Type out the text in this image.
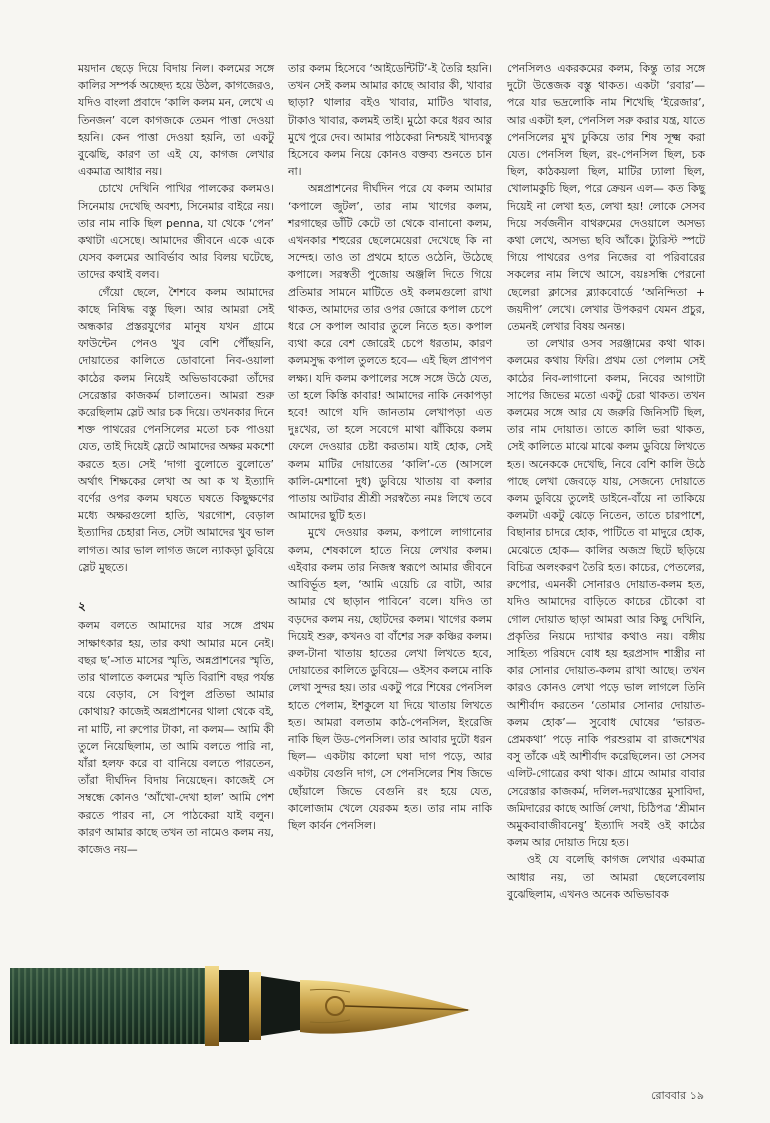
ময়দান ছেড়ে দিয়ে বিদায় নিল। কলমের সঙ্গে কালির সম্পর্ক অচ্ছেদ্য হয়ে উঠল, কাগজেরও, যদিও বাংলা প্রবাদে ‘কালি কলম মন, লেখে এ তিনজন’ বলে কাগজকে তেমন পাত্তা দেওয়া হয়নি। কেন পাত্তা দেওয়া হয়নি, তা একটু বুঝেছি, কারণ তা এই যে, কাগজ লেখার একমাত্র আধার নয়।

চোখে দেখিনি পাখির পালকের কলমও। সিনেমায় দেখেছি অবশ্য, সিনেমার বাইরে নয়। তার নাম নাকি ছিল penna, যা থেকে ‘পেন’ কথাটা এসেছে। আমাদের জীবনে একে একে যেসব কলমের আবির্ভাব আর বিলয় ঘটেছে, তাদের কথাই বলব।

গেঁয়ো ছেলে, শৈশবে কলম আমাদের কাছে নিষিদ্ধ বস্তু ছিল। আর আমরা সেই অন্ধকার প্রস্তরযুগের মানুষ যখন গ্রামে ফাউন্টেন পেনও খুব বেশি পৌঁছয়নি, দোয়াতের কালিতে ডোবানো নিব-ওয়ালা কাঠের কলম নিয়েই অভিভাবকেরা তাঁদের সেরেস্তার কাজকর্ম চালাতেন। আমরা শুরু করেছিলাম স্লেট আর চক দিয়ে। তখনকার দিনে শক্ত পাথরের পেনসিলের মতো চক পাওয়া যেত, তাই দিয়েই স্লেটে আমাদের অক্ষর মকশো করতে হত। সেই ‘দাগা বুলোতে বুলোতে’ অর্থাৎ শিক্ষকের লেখা অ আ ক খ ইত্যাদি বর্ণের ওপর কলম ঘষতে ঘষতে কিছুক্ষণের মধ্যে অক্ষরগুলো হাতি, খরগোশ, বেড়াল ইত্যাদির চেহারা নিত, সেটা আমাদের খুব ভাল লাগত। আর ভাল লাগত জলে ন্যাকড়া ডুবিয়ে স্লেট মুছতে।

২

কলম বলতে আমাদের যার সঙ্গে প্রথম সাক্ষাৎকার হয়, তার কথা আমার মনে নেই। বছর ছ’-সাত মাসের স্মৃতি, অন্নপ্রাশনের স্মৃতি, তার থালাতে কলমের স্মৃতি বিরাশি বছর পর্যন্ত বয়ে বেড়াব, সে বিপুল প্রতিভা আমার কোথায়? কাজেই অন্নপ্রাশনের থালা থেকে বই, না মাটি, না রুপোর টাকা, না কলম— আমি কী তুলে নিয়েছিলাম, তা আমি বলতে পারি না, যাঁরা হলফ করে বা বানিয়ে বলতে পারতেন, তাঁরা দীর্ঘদিন বিদায় নিয়েছেন। কাজেই সে সম্বন্ধে কোনও ‘আঁখো-দেখা হাল’ আমি পেশ করতে পারব না, সে পাঠকেরা যাই বলুন। কারণ আমার কাছে তখন তা নামেও কলম নয়, কাজেও নয়—

তার কলম হিসেবে ‘আইডেন্টিটি’-ই তৈরি হয়নি। তখন সেই কলম আমার কাছে আবার কী, খাবার ছাড়া? থালার বইও খাবার, মাটিও খাবার, টাকাও খাবার, কলমই তাই। মুঠো করে ধরব আর মুখে পুরে দেব। আমার পাঠকেরা নিশ্চয়ই খাদ্যবস্তু হিসেবে কলম নিয়ে কোনও বক্তব্য শুনতে চান না।

অন্নপ্রাশনের দীর্ঘদিন পরে যে কলম আমার ‘কপালে জুটল’, তার নাম খাগের কলম, শরগাছের ডাঁটি কেটে তা থেকে বানানো কলম, এখনকার শহুরের ছেলেমেয়েরা দেখেছে কি না সন্দেহ। তাও তা প্রথমে হাতে ওঠেনি, উঠেছে কপালে। সরস্বতী পুজোয় অঞ্জলি দিতে গিয়ে প্রতিমার সামনে মাটিতে ওই কলমগুলো রাখা থাকত, আমাদের তার ওপর জোরে কপাল চেপে ধরে সে কপাল আবার তুলে নিতে হত। কপাল ব্যথা করে বেশ জোরেই চেপে ধরতাম, কারণ কলমসুদ্ধ কপাল তুলতে হবে— এই ছিল প্রাণপণ লক্ষ্য। যদি কলম কপালের সঙ্গে সঙ্গে উঠে যেত, তা হলে কিস্তি কাবার! আমাদের নাকি নেকাপড়া হবে! আগে যদি জানতাম লেখাপড়া এত দুঃখের, তা হলে সবেগে মাথা ঝাঁকিয়ে কলম ফেলে দেওয়ার চেষ্টা করতাম। যাই হোক, সেই কলম মাটির দোয়াতের ‘কালি’-তে (আসলে কালি-মেশানো দুধ) ডুবিয়ে খাতায় বা কলার পাতায় আটবার শ্রীশ্রী সরস্বত্যৈ নমঃ লিখে তবে আমাদের ছুটি হত।

মুখে দেওয়ার কলম, কপালে লাগানোর কলম, শেষকালে হাতে নিয়ে লেখার কলম। এইবার কলম তার নিজস্ব স্বরূপে আমার জীবনে আবির্ভূত হল, ‘আমি এয়েচি রে বাটা, আর আমার থে ছাড়ান পাবিনে’ বলে। যদিও তা বড়দের কলম নয়, ছোটদের কলম। খাগের কলম দিয়েই শুরু, কখনও বা বাঁশের সরু কঞ্চির কলম। রুল-টানা খাতায় হাতের লেখা লিখতে হবে, দোয়াতের কালিতে ডুবিয়ে— ওইসব কলমে নাকি লেখা সুন্দর হয়। তার একটু পরে শিষের পেনসিল হাতে পেলাম, ইশকুলে যা দিয়ে খাতায় লিখতে হত। আমরা বলতাম কাঠ-পেনসিল, ইংরেজি নাকি ছিল উড-পেনসিল। তার আবার দুটো ধরন ছিল— একটায় কালো ঘষা দাগ পড়ে, আর একটায় বেগুনি দাগ, সে পেনসিলের শিষ জিভে ছোঁয়ালে জিভে বেগুনি রং হয়ে যেত, কালোজাম খেলে যেরকম হত। তার নাম নাকি ছিল কার্বন পেনসিল।

পেনসিলও একরকমের কলম, কিন্তু তার সঙ্গে দুটো উত্তেজক বস্তু থাকত। একটা ‘রবার’— পরে যার ভদ্রলোকি নাম শিখেছি ‘ইরেজার’, আর একটা হল, পেনসিল সরু করার যন্ত্র, যাতে পেনসিলের মুখ ঢুকিয়ে তার শিষ সূক্ষ্ম করা যেত। পেনসিল ছিল, রং-পেনসিল ছিল, চক ছিল, কাঠকয়লা ছিল, মাটির ঢ্যালা ছিল, খোলামকুচি ছিল, পরে ক্রেয়ন এল— কত কিছু দিয়েই না লেখা হত, লেখা হয়! লোকে সেসব দিয়ে সর্বজনীন বাথরুমের দেওয়ালে অসভ্য কথা লেখে, অসভ্য ছবি আঁকে। ট্যুরিস্ট স্পটে গিয়ে পাথরের ওপর নিজের বা পরিবারের সকলের নাম লিখে আসে, বয়ঃসন্ধি পেরনো ছেলেরা ক্লাসের ব্ল্যাকবোর্ডে ‘অনিন্দিতা + জয়দীপ’ লেখে। লেখার উপকরণ যেমন প্রচুর, তেমনই লেখার বিষয় অনন্ত।

তা লেখার ওসব সরঞ্জামের কথা থাক। কলমের কথায় ফিরি। প্রথম তো পেলাম সেই কাঠের নিব-লাগানো কলম, নিবের আগাটা সাপের জিভের মতো একটু চেরা থাকত। তখন কলমের সঙ্গে আর যে জরুরি জিনিসটি ছিল, তার নাম দোয়াত। তাতে কালি ভরা থাকত, সেই কালিতে মাঝে মাঝে কলম ডুবিয়ে লিখতে হত। অনেককে দেখেছি, নিবে বেশি কালি উঠে পাছে লেখা জেবড়ে যায়, সেজন্যে দোয়াতে কলম ডুবিয়ে তুলেই ডাইনে-বাঁয়ে না তাকিয়ে কলমটা একটু ঝেড়ে নিতেন, তাতে চারপাশে, বিছানার চাদরে হোক, পাটিতে বা মাদুরে হোক, মেঝেতে হোক— কালির অজস্র ছিটে ছড়িয়ে বিচিত্র অলংকরণ তৈরি হত। কাচের, পেতলের, রুপোর, এমনকী সোনারও দোয়াত-কলম হত, যদিও আমাদের বাড়িতে কাচের চৌকো বা গোল দোয়াত ছাড়া আমরা আর কিছু দেখিনি, প্রকৃতির নিয়মে দ্যাখার কথাও নয়। বঙ্গীয় সাহিত্য পরিষদে বোধ হয় হরপ্রসাদ শাস্ত্রীর না কার সোনার দোয়াত-কলম রাখা আছে। তখন কারও কোনও লেখা পড়ে ভাল লাগলে তিনি আশীর্বাদ করতেন ‘তোমার সোনার দোয়াত-কলম হোক’— সুবোধ ঘোষের ‘ভারত-প্রেমকথা’ পড়ে নাকি পরশুরাম বা রাজশেখর বসু তাঁকে এই আশীর্বাদ করেছিলেন। তা সেসব এলিট-গোত্রের কথা থাক। গ্রামে আমার বাবার সেরেস্তার কাজকর্ম, দলিল-দরখাস্তের মুসাবিদা, জমিদারের কাছে আর্জি লেখা, চিঠিপত্র ‘শ্রীমান অমুকবাবাজীবনেষু’ ইত্যাদি সবই ওই কাঠের কলম আর দোয়াত দিয়ে হত।

ওই যে বলেছি কাগজ লেখার একমাত্র আধার নয়, তা আমরা ছেলেবেলায় বুঝেছিলাম, এখনও অনেক অভিভাবক

রোববার ১৯
